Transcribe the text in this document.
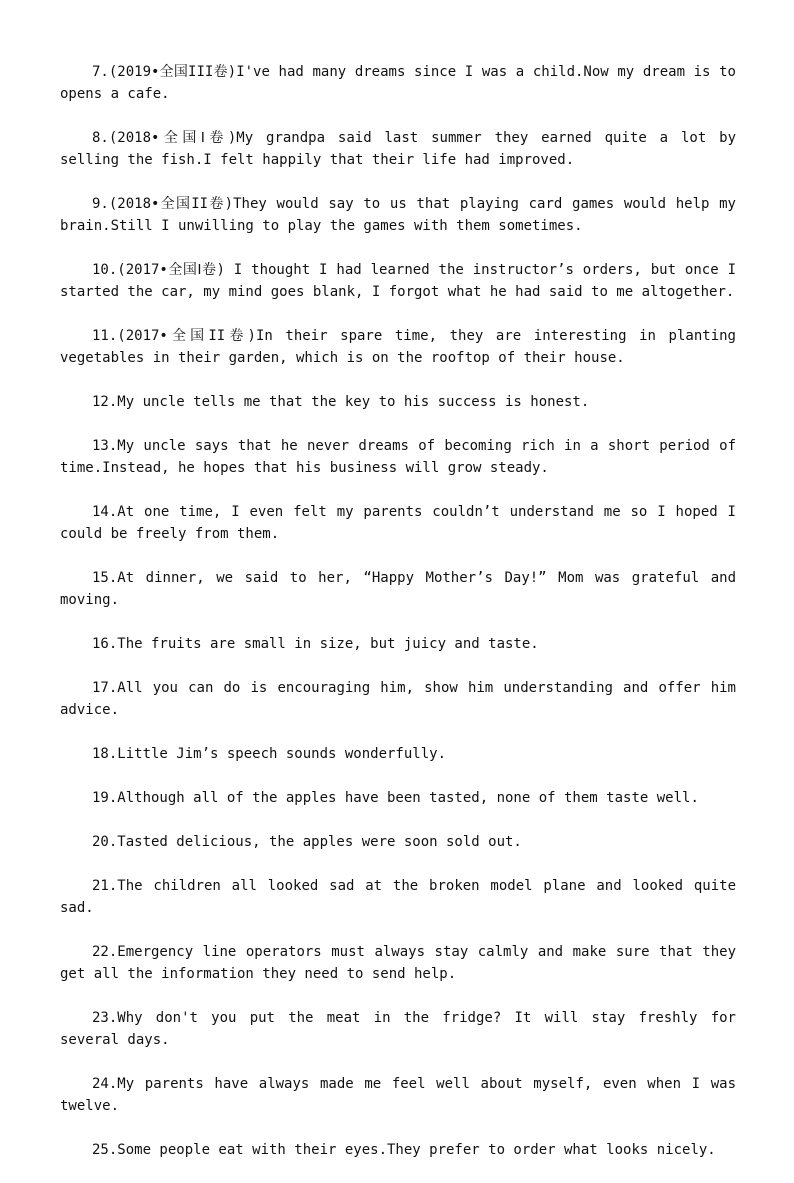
7.(2019•全国III卷)I've had many dreams since I was a child.Now my dream is to opens a cafe.

8.(2018•全国Ⅰ卷)My grandpa said last summer they earned quite a lot by selling the fish.I felt happily that their life had improved.

9.(2018•全国II卷)They would say to us that playing card games would help my brain.Still I unwilling to play the games with them sometimes.

10.(2017•全国Ⅰ卷) I thought I had learned the instructor’s orders, but once I started the car, my mind goes blank, I forgot what he had said to me altogether.

11.(2017•全国II卷)In their spare time, they are interesting in planting vegetables in their garden, which is on the rooftop of their house.

12.My uncle tells me that the key to his success is honest.

13.My uncle says that he never dreams of becoming rich in a short period of time.Instead, he hopes that his business will grow steady.

14.At one time, I even felt my parents couldn’t understand me so I hoped I could be freely from them.

15.At dinner, we said to her, “Happy Mother’s Day!” Mom was grateful and moving.

16.The fruits are small in size, but juicy and taste.

17.All you can do is encouraging him, show him understanding and offer him advice.

18.Little Jim’s speech sounds wonderfully.

19.Although all of the apples have been tasted, none of them taste well.

20.Tasted delicious, the apples were soon sold out.

21.The children all looked sad at the broken model plane and looked quite sad.

22.Emergency line operators must always stay calmly and make sure that they get all the information they need to send help.

23.Why don't you put the meat in the fridge? It will stay freshly for several days.

24.My parents have always made me feel well about myself, even when I was twelve.

25.Some people eat with their eyes.They prefer to order what looks nicely.
